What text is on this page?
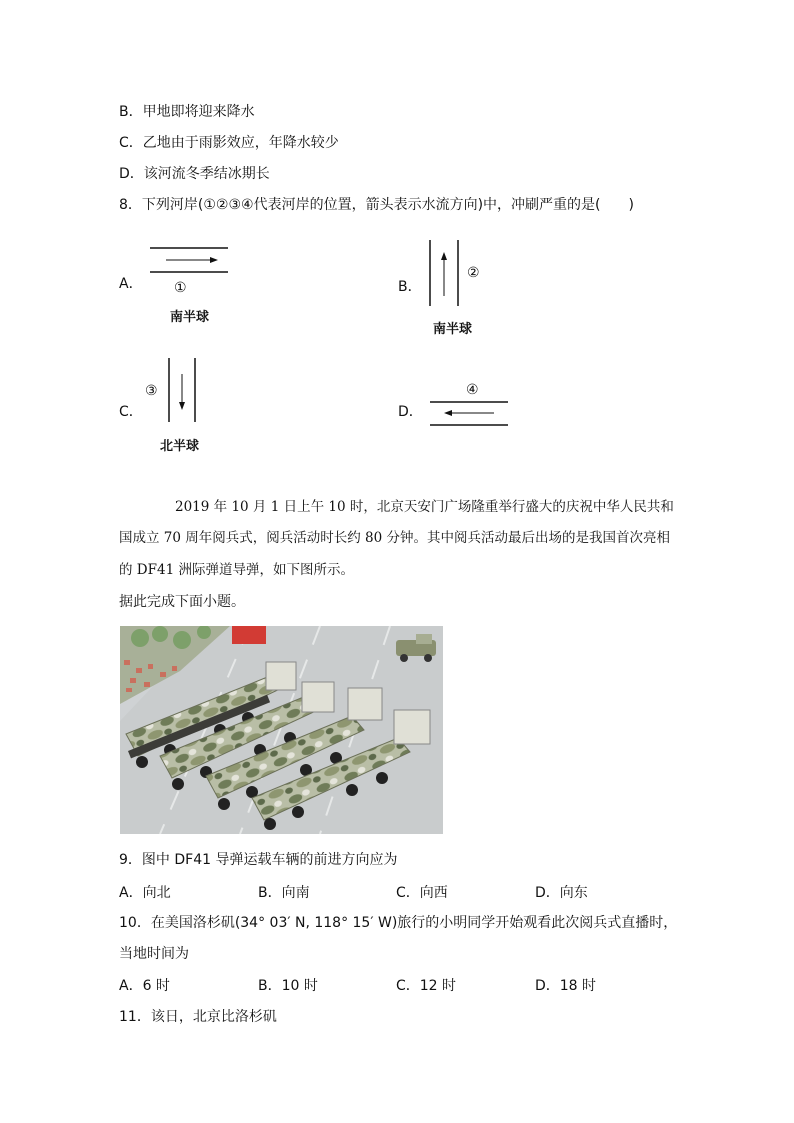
B．甲地即将迎来降水
C．乙地由于雨影效应，年降水较少
D．该河流冬季结冰期长
8．下列河岸(①②③④代表河岸的位置，箭头表示水流方向)中，冲刷严重的是(　　)
A． ①
南半球
B．
②
南半球
C．
③
北半球
D．
④
2019 年 10 月 1 日上午 10 时，北京天安门广场隆重举行盛大的庆祝中华人民共和
国成立 70 周年阅兵式，阅兵活动时长约 80 分钟。其中阅兵活动最后出场的是我国首次亮相
的 DF41 洲际弹道导弹，如下图所示。
据此完成下面小题。
9．图中 DF41 导弹运载车辆的前进方向应为
A．向北	B．向南	C．向西	D．向东
10．在美国洛杉矶(34° 03′ N, 118° 15′ W)旅行的小明同学开始观看此次阅兵式直播时，
当地时间为
A．6 时	B．10 时	C．12 时	D．18 时
11．该日，北京比洛杉矶
